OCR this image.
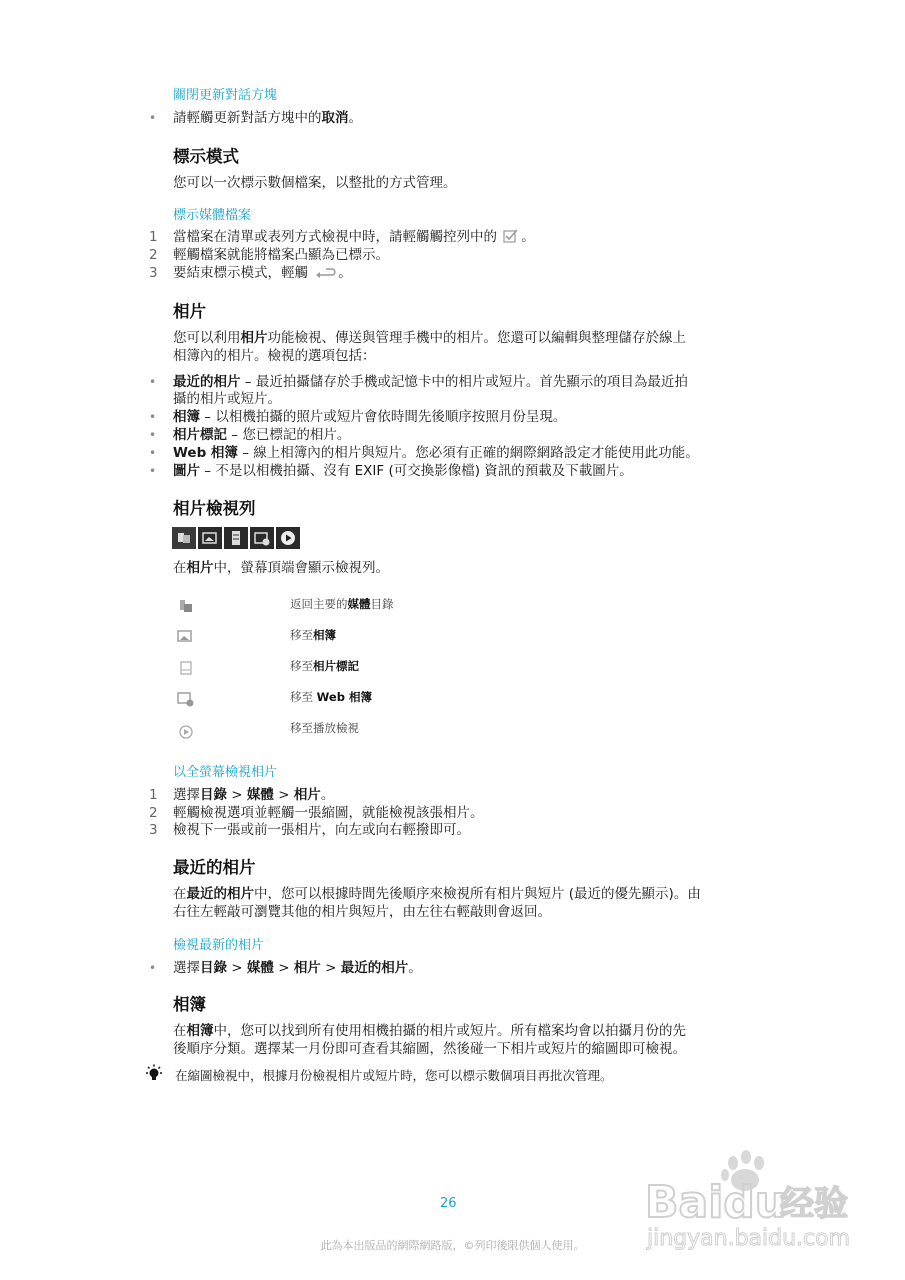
關閉更新對話方塊
• 請輕觸更新對話方塊中的取消。
標示模式
您可以一次標示數個檔案，以整批的方式管理。
標示媒體檔案
1 當檔案在清單或表列方式檢視中時，請輕觸觸控列中的 。
2 輕觸檔案就能將檔案凸顯為已標示。
3 要結束標示模式，輕觸 。
相片
您可以利用相片功能檢視、傳送與管理手機中的相片。您還可以編輯與整理儲存於線上
相簿內的相片。檢視的選項包括：
• 最近的相片 – 最近拍攝儲存於手機或記憶卡中的相片或短片。首先顯示的項目為最近拍
攝的相片或短片。
• 相簿 – 以相機拍攝的照片或短片會依時間先後順序按照月份呈現。
• 相片標記 – 您已標記的相片。
• Web 相簿 – 線上相簿內的相片與短片。您必須有正確的網際網路設定才能使用此功能。
• 圖片 – 不是以相機拍攝、沒有 EXIF (可交換影像檔) 資訊的預載及下載圖片。
相片檢視列
在相片中，螢幕頂端會顯示檢視列。
返回主要的媒體目錄
移至相簿
移至相片標記
移至 Web 相簿
移至播放檢視
以全螢幕檢視相片
1 選擇目錄 > 媒體 > 相片。
2 輕觸檢視選項並輕觸一張縮圖，就能檢視該張相片。
3 檢視下一張或前一張相片，向左或向右輕撥即可。
最近的相片
在最近的相片中，您可以根據時間先後順序來檢視所有相片與短片 (最近的優先顯示)。由
右往左輕敲可瀏覽其他的相片與短片，由左往右輕敲則會返回。
檢視最新的相片
• 選擇目錄 > 媒體 > 相片 > 最近的相片。
相簿
在相簿中，您可以找到所有使用相機拍攝的相片或短片。所有檔案均會以拍攝月份的先
後順序分類。選擇某一月份即可查看其縮圖，然後碰一下相片或短片的縮圖即可檢視。
在縮圖檢視中，根據月份檢視相片或短片時，您可以標示數個項目再批次管理。
26
此為本出版品的網際網路版，©列印後限供個人使用。
Baidu
经验
jingyan.baidu.com
